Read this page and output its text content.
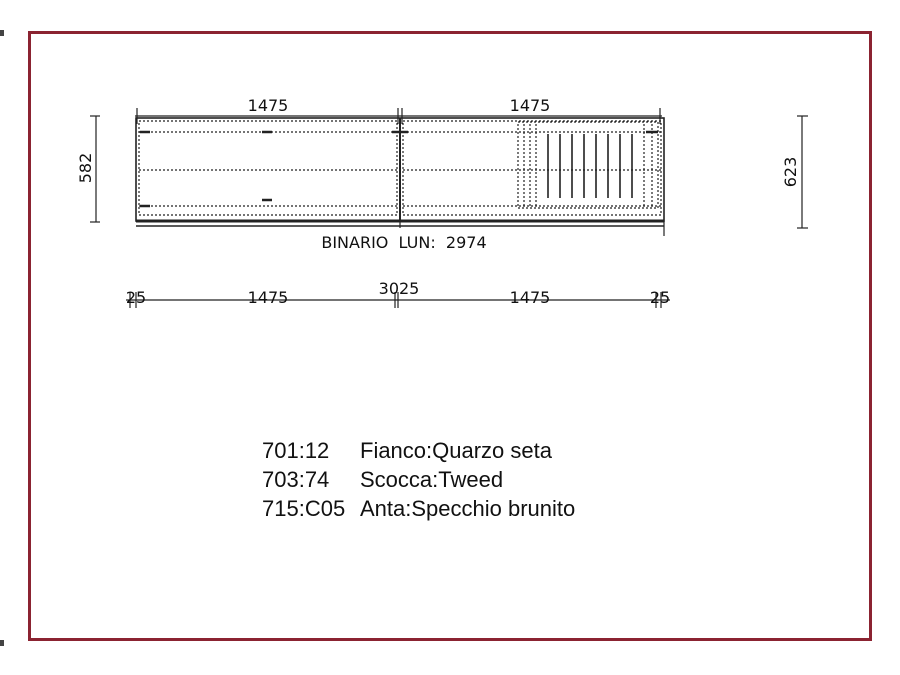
1475	1475
582	623
BINARIO  LUN:  2974
3025
25	1475	1475	25
701:12	Fianco:Quarzo seta
703:74	Scocca:Tweed
715:C05 Anta:Specchio brunito
